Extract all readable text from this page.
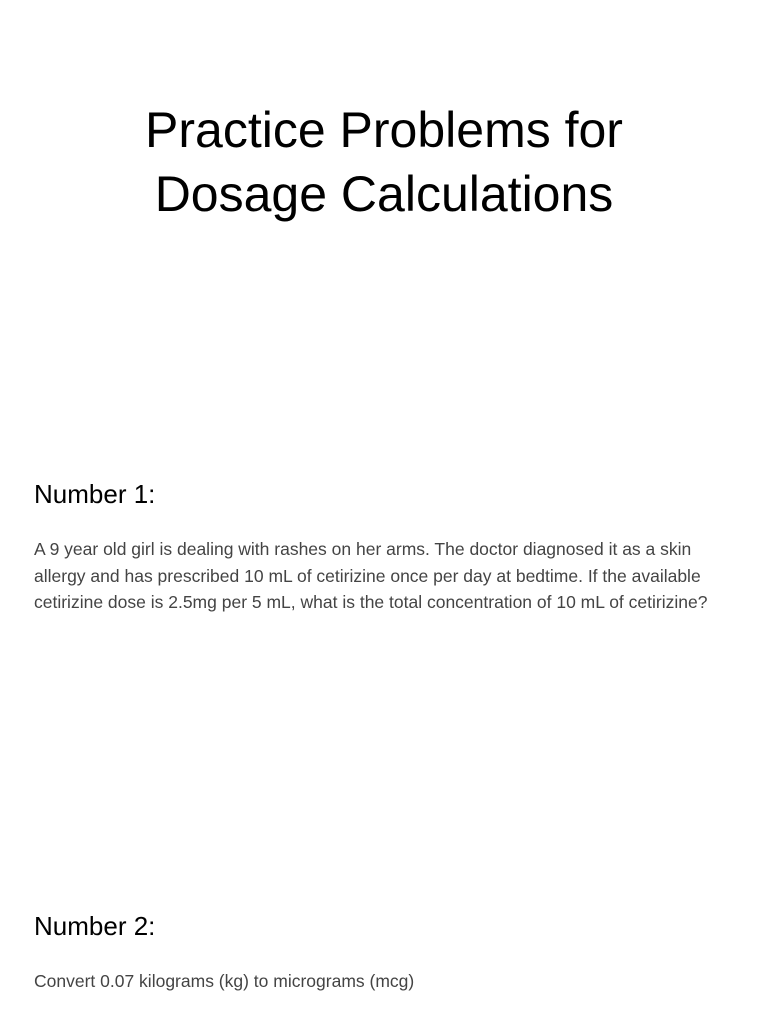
Practice Problems for
Dosage Calculations
Number 1:

A 9 year old girl is dealing with rashes on her arms. The doctor diagnosed it as a skin allergy and has prescribed 10 mL of cetirizine once per day at bedtime. If the available cetirizine dose is 2.5mg per 5 mL, what is the total concentration of 10 mL of cetirizine?

Number 2:

Convert 0.07 kilograms (kg) to micrograms (mcg)
